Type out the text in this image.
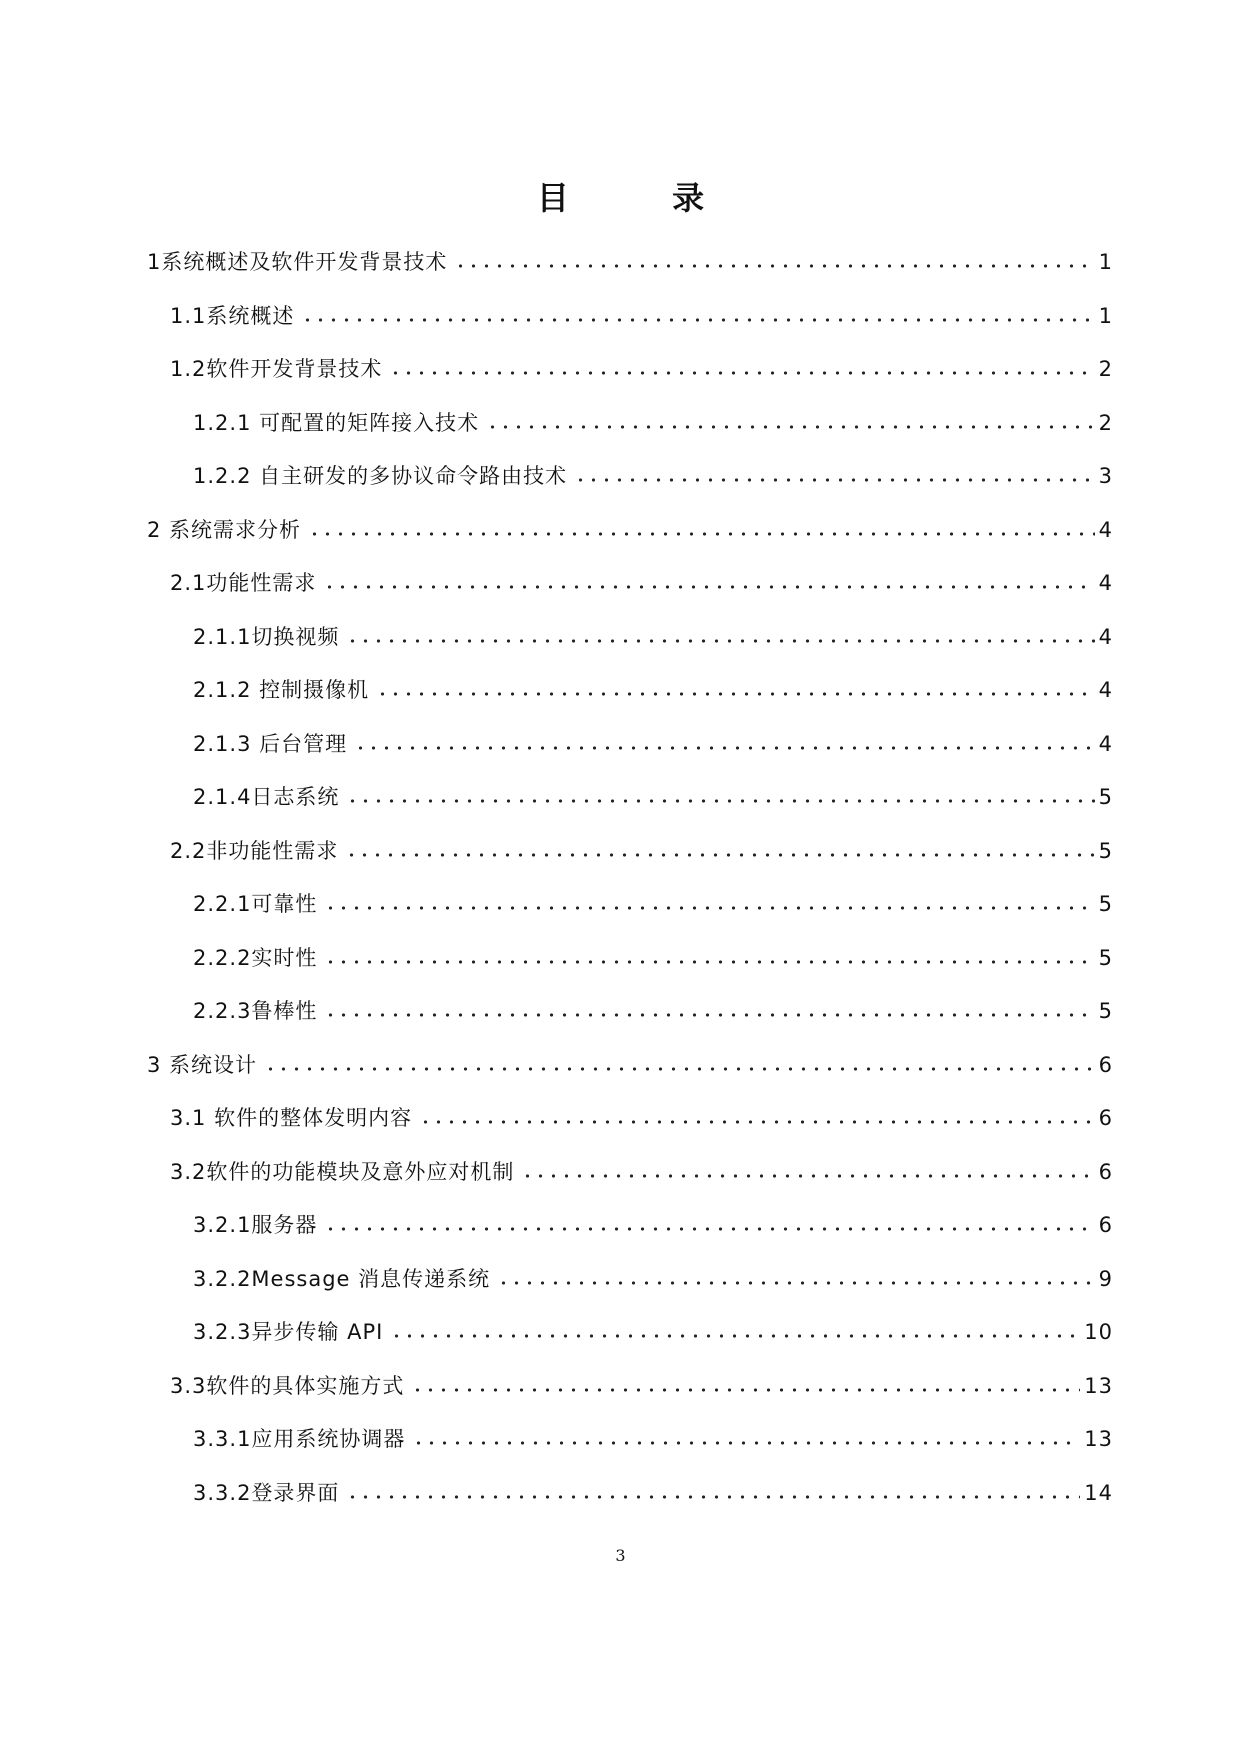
目 录
1系统概述及软件开发背景技术	1
1.1系统概述	1
1.2软件开发背景技术	2
1.2.1 可配置的矩阵接入技术	2
1.2.2 自主研发的多协议命令路由技术	3
2 系统需求分析	4
2.1功能性需求	4
2.1.1切换视频	4
2.1.2 控制摄像机	4
2.1.3 后台管理	4
2.1.4日志系统	5
2.2非功能性需求	5
2.2.1可靠性	5
2.2.2实时性	5
2.2.3鲁棒性	5
3 系统设计	6
3.1 软件的整体发明内容	6
3.2软件的功能模块及意外应对机制	6
3.2.1服务器	6
3.2.2Message 消息传递系统	9
3.2.3异步传输 API	10
3.3软件的具体实施方式	13
3.3.1应用系统协调器	13
3.3.2登录界面	14
3
